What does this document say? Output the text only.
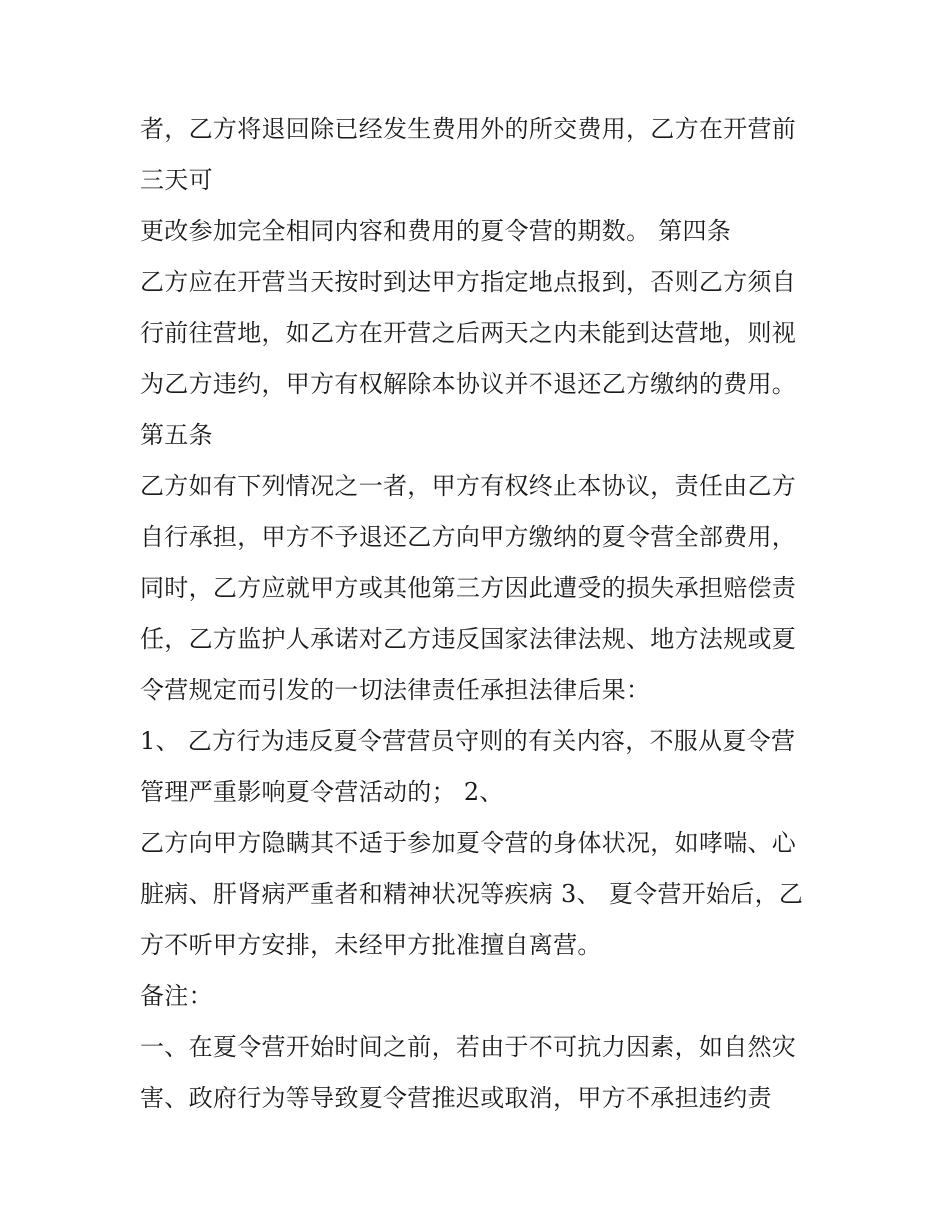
者，乙方将退回除已经发生费用外的所交费用，乙方在开营前
三天可
更改参加完全相同内容和费用的夏令营的期数。 第四条
乙方应在开营当天按时到达甲方指定地点报到，否则乙方须自
行前往营地，如乙方在开营之后两天之内未能到达营地，则视
为乙方违约，甲方有权解除本协议并不退还乙方缴纳的费用。
第五条
乙方如有下列情况之一者，甲方有权终止本协议，责任由乙方
自行承担，甲方不予退还乙方向甲方缴纳的夏令营全部费用，
同时，乙方应就甲方或其他第三方因此遭受的损失承担赔偿责
任，乙方监护人承诺对乙方违反国家法律法规、地方法规或夏
令营规定而引发的一切法律责任承担法律后果：
1、 乙方行为违反夏令营营员守则的有关内容，不服从夏令营
管理严重影响夏令营活动的； 2、
乙方向甲方隐瞒其不适于参加夏令营的身体状况，如哮喘、心
脏病、肝肾病严重者和精神状况等疾病 3、 夏令营开始后，乙
方不听甲方安排，未经甲方批准擅自离营。
备注：
一、在夏令营开始时间之前，若由于不可抗力因素，如自然灾
害、政府行为等导致夏令营推迟或取消，甲方不承担违约责
